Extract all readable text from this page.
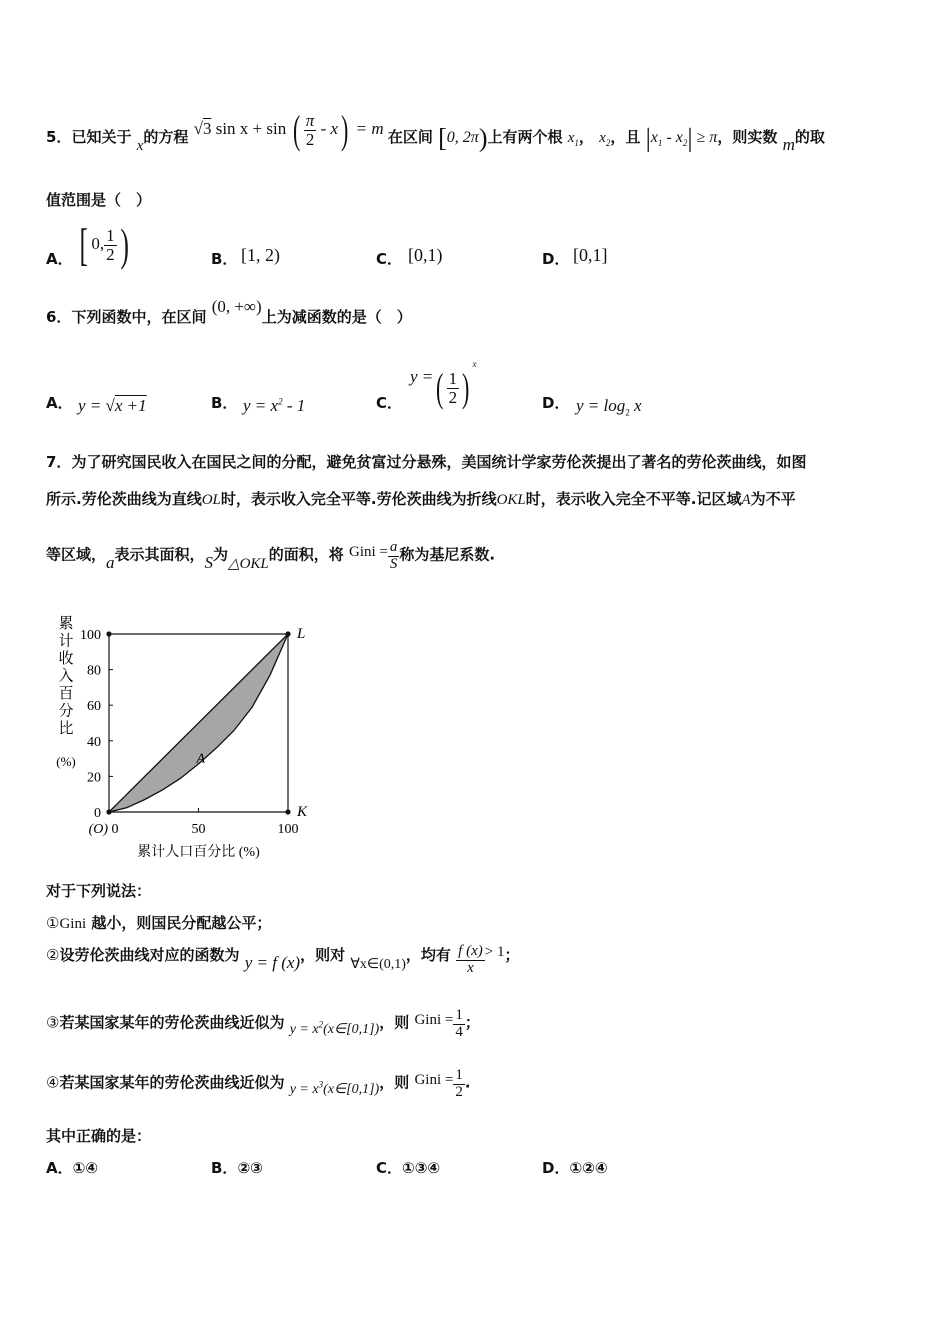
5．已知关于 x的方程 √3 sin x + sin ( $\frac{\pi}{2} - x) = m$ 在区间 [0, 2π)上有两个根 $x_1$， $x_2$，且 $|x_1 - x_2| \ge \pi$，则实数 m的取
值范围是（　）
A． [ 0, $\frac{1}{2}$ )	B． [1, 2)	C． [0,1)	D． [0,1]
6．下列函数中，在区间 (0, +∞)上为减函数的是（　）
A． y = √x +1	B． $y = x^2 - 1$	C．
y =( $\frac{1}{2} )^x$
D． $y = \log_2 x$
7．为了研究国民收入在国民之间的分配，避免贫富过分悬殊，美国统计学家劳伦茨提出了著名的劳伦茨曲线，如图
所示.劳伦茨曲线为直线OL时，表示收入完全平等.劳伦茨曲线为折线OKL时，表示收入完全不平等.记区域A为不平
等区域，a表示其面积，S为△OKL的面积，将 Gini = $\frac{a}{S}$ 称为基尼系数.
累
计
收
入
百
分
比
(%)
0
20
40
60
80
100
0	50	100
L
K
A
(O)
累计人口百分比 (%)
对于下列说法：
①Gini 越小，则国民分配越公平；
②设劳伦茨曲线对应的函数为 y = f (x)，则对 ∀x∈(0,1)，均有 $\frac{f (x)}{x} > 1$；
③若某国家某年的劳伦茨曲线近似为 $y = x^2(x\in[0,1])$，则 Gini = $\frac{1}{4}$ ；
④若某国家某年的劳伦茨曲线近似为 $y = x^3(x\in[0,1])$，则 Gini = $\frac{1}{2}$ .
其中正确的是：
A．①④	B．②③	C．①③④	D．①②④
